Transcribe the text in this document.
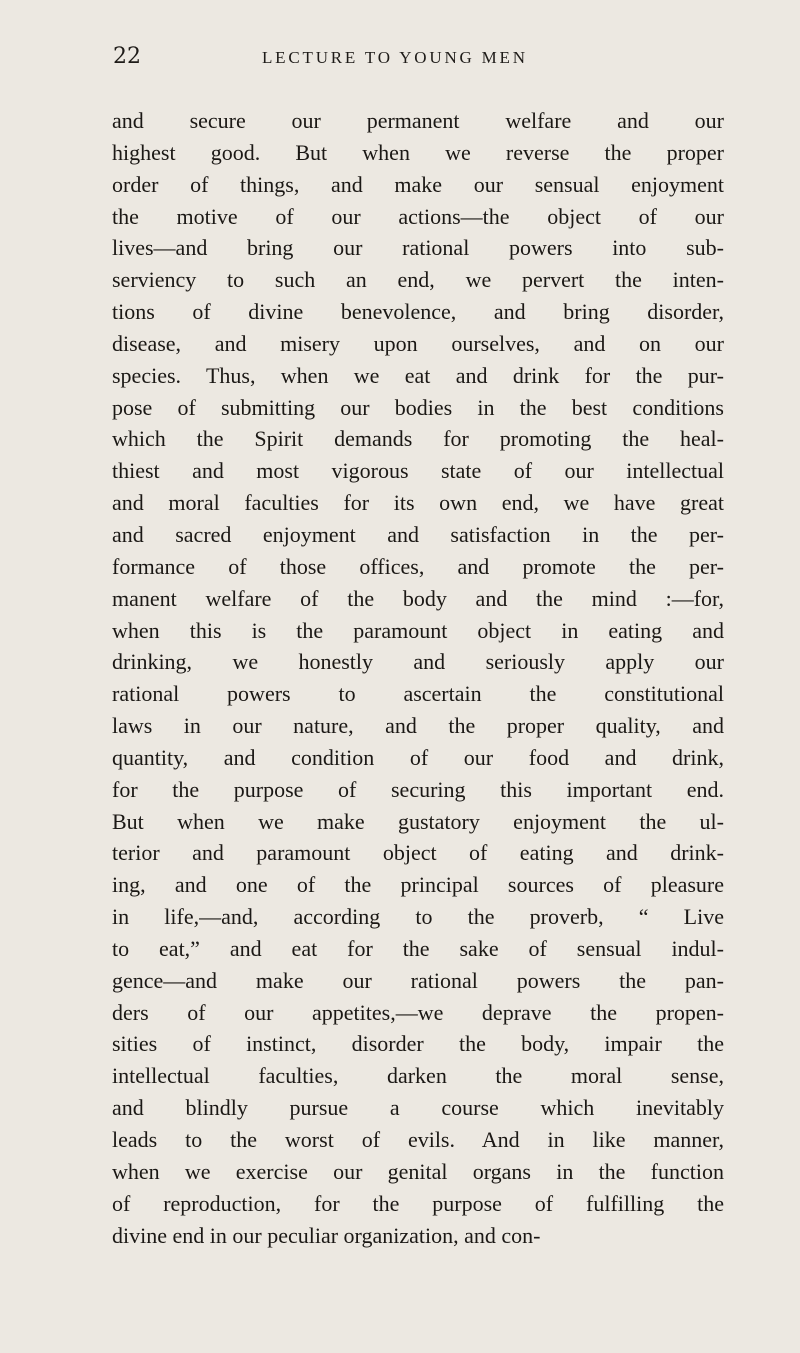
22	LECTURE TO YOUNG MEN
and secure our permanent welfare and our
highest good. But when we reverse the proper
order of things, and make our sensual enjoyment
the motive of our actions—the object of our
lives—and bring our rational powers into sub-
serviency to such an end, we pervert the inten-
tions of divine benevolence, and bring disorder,
disease, and misery upon ourselves, and on our
species. Thus, when we eat and drink for the pur-
pose of submitting our bodies in the best conditions
which the Spirit demands for promoting the heal-
thiest and most vigorous state of our intellectual
and moral faculties for its own end, we have great
and sacred enjoyment and satisfaction in the per-
formance of those offices, and promote the per-
manent welfare of the body and the mind :—for,
when this is the paramount object in eating and
drinking, we honestly and seriously apply our
rational powers to ascertain the constitutional
laws in our nature, and the proper quality, and
quantity, and condition of our food and drink,
for the purpose of securing this important end.
But when we make gustatory enjoyment the ul-
terior and paramount object of eating and drink-
ing, and one of the principal sources of pleasure
in life,—and, according to the proverb, “ Live
to eat,” and eat for the sake of sensual indul-
gence—and make our rational powers the pan-
ders of our appetites,—we deprave the propen-
sities of instinct, disorder the body, impair the
intellectual faculties, darken the moral sense,
and blindly pursue a course which inevitably
leads to the worst of evils. And in like manner,
when we exercise our genital organs in the function
of reproduction, for the purpose of fulfilling the
divine end in our peculiar organization, and con-
